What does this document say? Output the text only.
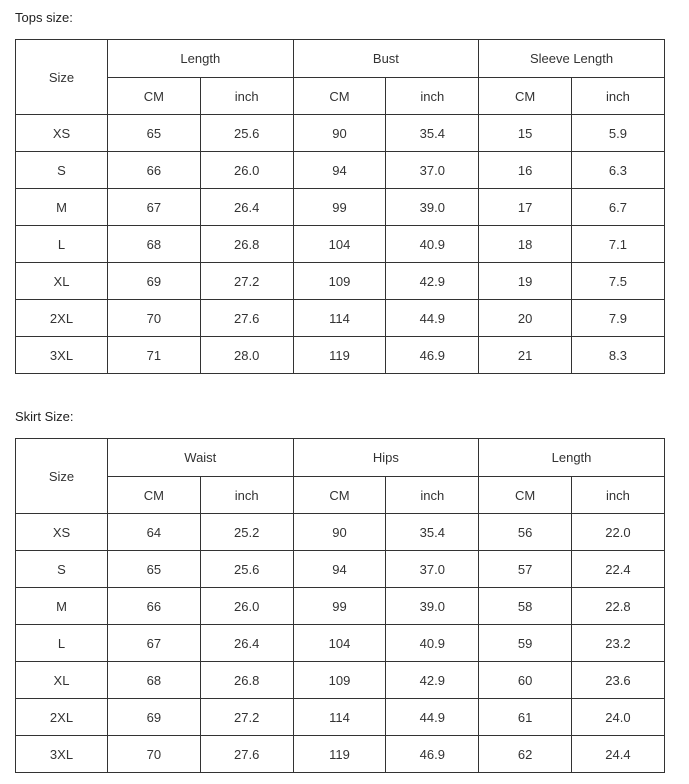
Tops size:
Size	Length		Bust		Sleeve Length	
	CM	inch	CM	inch	CM	inch
XS	65	25.6	90	35.4	15	5.9
S	66	26.0	94	37.0	16	6.3
M	67	26.4	99	39.0	17	6.7
L	68	26.8	104	40.9	18	7.1
XL	69	27.2	109	42.9	19	7.5
2XL	70	27.6	114	44.9	20	7.9
3XL	71	28.0	119	46.9	21	8.3
Skirt Size:
Size	Waist		Hips		Length	
	CM	inch	CM	inch	CM	inch
XS	64	25.2	90	35.4	56	22.0
S	65	25.6	94	37.0	57	22.4
M	66	26.0	99	39.0	58	22.8
L	67	26.4	104	40.9	59	23.2
XL	68	26.8	109	42.9	60	23.6
2XL	69	27.2	114	44.9	61	24.0
3XL	70	27.6	119	46.9	62	24.4
